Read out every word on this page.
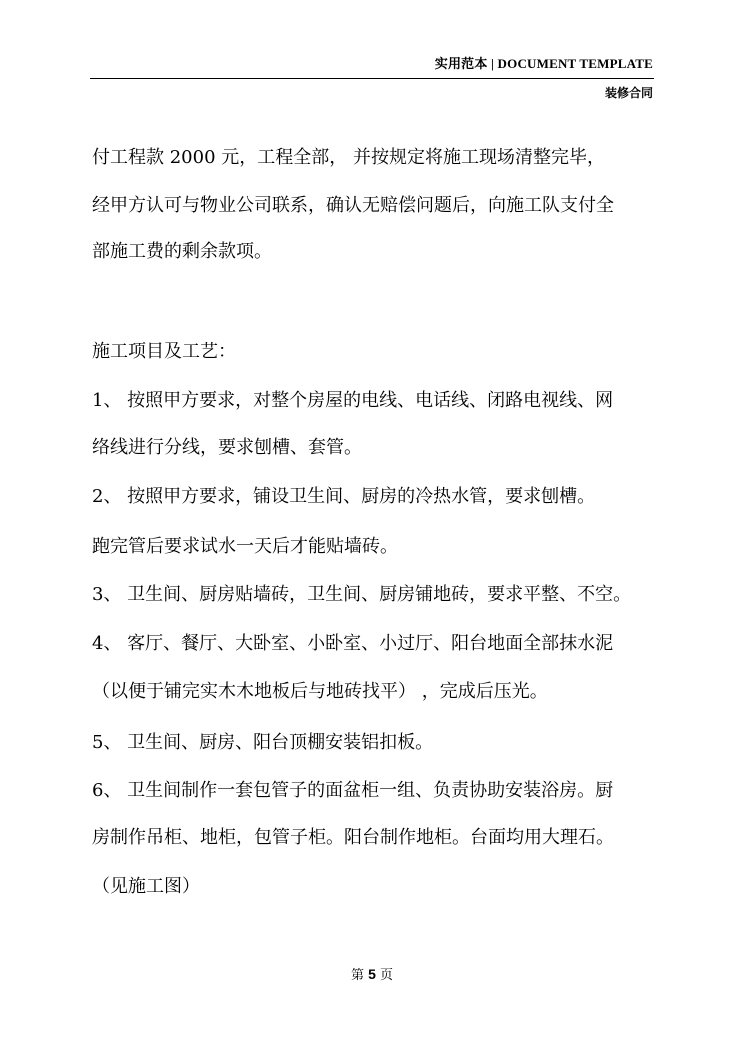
实用范本 | DOCUMENT TEMPLATE
装修合同
付工程款 2000 元，工程全部， 并按规定将施工现场清整完毕，
经甲方认可与物业公司联系，确认无赔偿问题后，向施工队支付全
部施工费的剩余款项。
施工项目及工艺：
1、 按照甲方要求，对整个房屋的电线、电话线、闭路电视线、网
络线进行分线，要求刨槽、套管。
2、 按照甲方要求，铺设卫生间、厨房的冷热水管，要求刨槽。
跑完管后要求试水一天后才能贴墙砖。
3、 卫生间、厨房贴墙砖，卫生间、厨房铺地砖，要求平整、不空。
4、 客厅、餐厅、大卧室、小卧室、小过厅、阳台地面全部抹水泥
（以便于铺完实木木地板后与地砖找平） ，完成后压光。
5、 卫生间、厨房、阳台顶棚安装铝扣板。
6、 卫生间制作一套包管子的面盆柜一组、负责协助安装浴房。厨
房制作吊柜、地柜，包管子柜。阳台制作地柜。台面均用大理石。
（见施工图）
第 5 页
